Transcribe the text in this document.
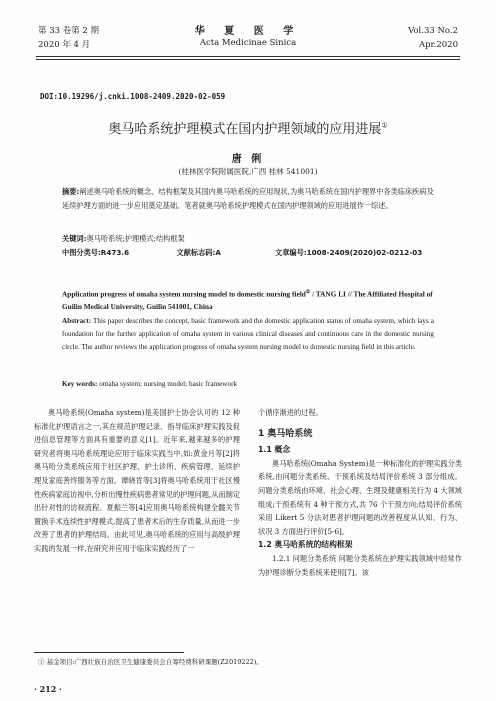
第 33 卷第 2 期
2020 年 4 月
华 夏 医 学
Acta Medicinae Sinica
Vol.33 No.2
Apr.2020
DOI:10.19296/j.cnki.1008-2409.2020-02-059
奥马哈系统护理模式在国内护理领域的应用进展①
唐 俐
(桂林医学院附属医院,广西 桂林 541001)
摘要:阐述奥马哈系统的概念、结构框架及其国内奥马哈系统的应用现状,为奥马哈系统在国内护理界中各类临床疾病及延续护理方面的进一步应用奠定基础。笔者就奥马哈系统护理模式在国内护理领域的应用进展作一综述。
关键词:奥马哈系统;护理模式;结构框架
中图分类号:R473.6	文献标志码:A	文章编号:1008-2409(2020)02-0212-03
Application progress of omaha system nursing model to domestic nursing field① / TANG LI // The Affiliated Hospital of Guilin Medical University, Guilin 541001, China
Abstract: This paper describes the concept, basic framework and the domestic application status of omaha system, which lays a foundation for the further application of omaha system in various clinical diseases and continuous care in the domestic nursing circle. The author reviews the application progress of omaha system nursing model to domestic nursing field in this article.
Key words: omaha system; nursing model; basic framework
奥马哈系统(Omaha system)是美国护士协会认可的 12 种标准化护理语言之一,其在规范护理记录、指导临床护理实践及促进信息管理等方面具有重要的意义[1]。近年来,越来越多的护理研究者将奥马哈系统理论应用于临床实践当中,如:黄金月等[2]将奥马哈分类系统应用于社区护理、护士诊所、疾病管理、延续护理及家庭善终服务等方面。谭晓肯等[3]将奥马哈系统用于社区慢性疾病家庭访视中,分析出慢性疾病患者常见的护理问题,从而制定出针对性的访视流程。夏振兰等[4]应用奥马哈系统构建全髋关节置换手术连续性护理模式,提高了患者术后的生存质量,从而进一步改善了患者的护理结局。由此可见,奥马哈系统的应用与高级护理实践的发展一样,在研究并应用于临床实践经历了一

个循序渐进的过程。

1 奥马哈系统

1.1 概念

奥马哈系统(Omaha System)是一种标准化的护理实践分类系统,由问题分类系统、干预系统及结局评价系统 3 部分组成。问题分类系统由环境、社会心理、生理及健康相关行为 4 大领域组成;干预系统有 4 种干预方式,共 76 个干预方向;结局评价系统采用 Likert 5 分法对患者护理问题的改善程度从认知、行为、状况 3 方面进行评价[5-6]。

1.2 奥马哈系统的结构框架

1.2.1 问题分类系统 问题分类系统在护理实践领域中经常作为护理诊断分类系统来使用[7]。该

① 基金项目:广西壮族自治区卫生健康委员会自筹经费科研课题(Z2019222)。
· 212 ·
